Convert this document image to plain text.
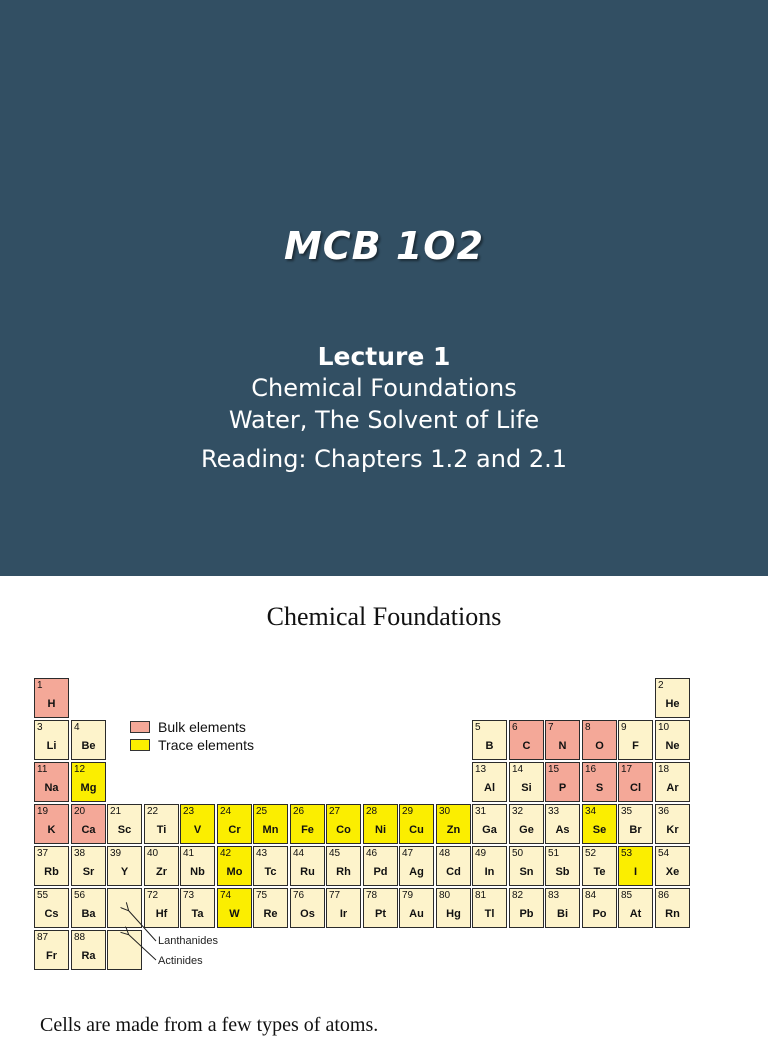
MCB 1O2
Lecture 1
Chemical Foundations
Water, The Solvent of Life
Reading: Chapters 1.2 and 2.1
Chemical Foundations
1
H
2
He
3
Li
4
Be
5
B
6
C
7
N
8
O
9
F
10
Ne
11
Na
12
Mg
13
Al
14
Si
15
P
16
S
17
Cl
18
Ar
19
K
20
Ca
21
Sc
22
Ti
23
V
24
Cr
25
Mn
26
Fe
27
Co
28
Ni
29
Cu
30
Zn
31
Ga
32
Ge
33
As
34
Se
35
Br
36
Kr
37
Rb
38
Sr
39
Y
40
Zr
41
Nb
42
Mo
43
Tc
44
Ru
45
Rh
46
Pd
47
Ag
48
Cd
49
In
50
Sn
51
Sb
52
Te
53
I
54
Xe
55
Cs
56
Ba
72
Hf
73
Ta
74
W
75
Re
76
Os
77
Ir
78
Pt
79
Au
80
Hg
81
Tl
82
Pb
83
Bi
84
Po
85
At
86
Rn
87
Fr
88
Ra
Bulk elements
Trace elements
Lanthanides
Actinides
Cells are made from a few types of atoms.
